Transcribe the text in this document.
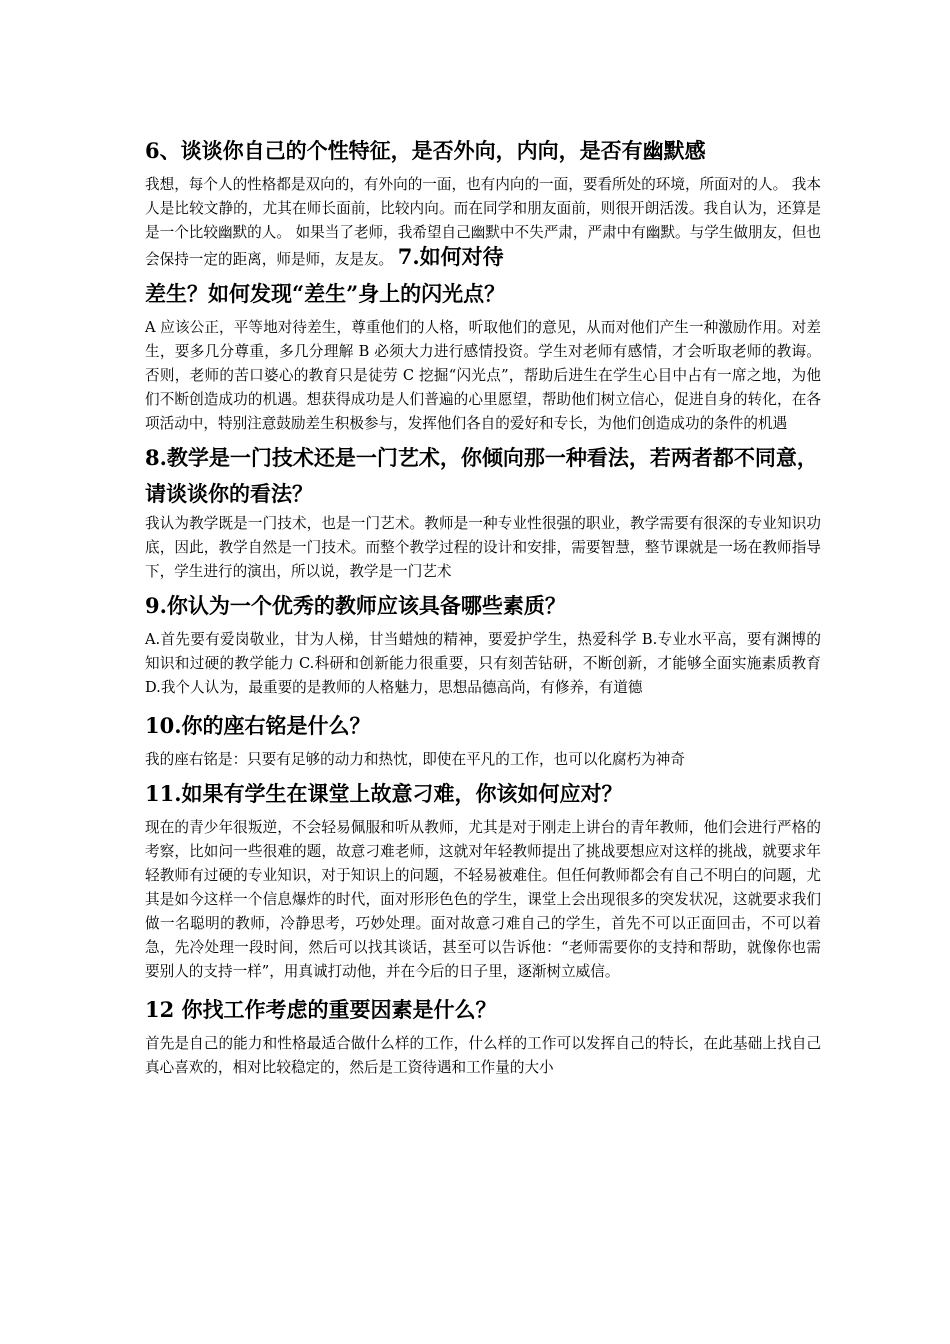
6、谈谈你自己的个性特征，是否外向，内向，是否有幽默感

我想，每个人的性格都是双向的，有外向的一面，也有内向的一面，要看所处的环境，所面对的人。 我本人是比较文静的，尤其在师长面前，比较内向。而在同学和朋友面前，则很开朗活泼。我自认为，还算是是一个比较幽默的人。 如果当了老师，我希望自己幽默中不失严肃，严肃中有幽默。与学生做朋友，但也会保持一定的距离，师是师，友是友。 7.如何对待

差生？如何发现“差生”身上的闪光点？

A 应该公正，平等地对待差生，尊重他们的人格，听取他们的意见，从而对他们产生一种激励作用。对差生，要多几分尊重，多几分理解 B 必须大力进行感情投资。学生对老师有感情，才会听取老师的教诲。否则，老师的苦口婆心的教育只是徒劳 C 挖掘“闪光点”，帮助后进生在学生心目中占有一席之地，为他们不断创造成功的机遇。想获得成功是人们普遍的心里愿望，帮助他们树立信心，促进自身的转化，在各项活动中，特别注意鼓励差生积极参与，发挥他们各自的爱好和专长，为他们创造成功的条件的机遇

8.教学是一门技术还是一门艺术，你倾向那一种看法，若两者都不同意，请谈谈你的看法？

我认为教学既是一门技术，也是一门艺术。教师是一种专业性很强的职业，教学需要有很深的专业知识功底，因此，教学自然是一门技术。而整个教学过程的设计和安排，需要智慧，整节课就是一场在教师指导下，学生进行的演出，所以说，教学是一门艺术

9.你认为一个优秀的教师应该具备哪些素质？

A.首先要有爱岗敬业，甘为人梯，甘当蜡烛的精神，要爱护学生，热爱科学 B.专业水平高，要有渊博的知识和过硬的教学能力 C.科研和创新能力很重要，只有刻苦钻研，不断创新，才能够全面实施素质教育 D.我个人认为，最重要的是教师的人格魅力，思想品德高尚，有修养，有道德

10.你的座右铭是什么？

我的座右铭是：只要有足够的动力和热忱，即使在平凡的工作，也可以化腐朽为神奇

11.如果有学生在课堂上故意刁难，你该如何应对？

现在的青少年很叛逆，不会轻易佩服和听从教师，尤其是对于刚走上讲台的青年教师，他们会进行严格的考察，比如问一些很难的题，故意刁难老师，这就对年轻教师提出了挑战要想应对这样的挑战，就要求年轻教师有过硬的专业知识，对于知识上的问题，不轻易被难住。但任何教师都会有自己不明白的问题，尤其是如今这样一个信息爆炸的时代，面对形形色色的学生，课堂上会出现很多的突发状况，这就要求我们做一名聪明的教师，冷静思考，巧妙处理。面对故意刁难自己的学生，首先不可以正面回击，不可以着急，先冷处理一段时间，然后可以找其谈话，甚至可以告诉他：“老师需要你的支持和帮助，就像你也需要别人的支持一样”，用真诚打动他，并在今后的日子里，逐渐树立威信。

12 你找工作考虑的重要因素是什么？

首先是自己的能力和性格最适合做什么样的工作，什么样的工作可以发挥自己的特长，在此基础上找自己真心喜欢的，相对比较稳定的，然后是工资待遇和工作量的大小
